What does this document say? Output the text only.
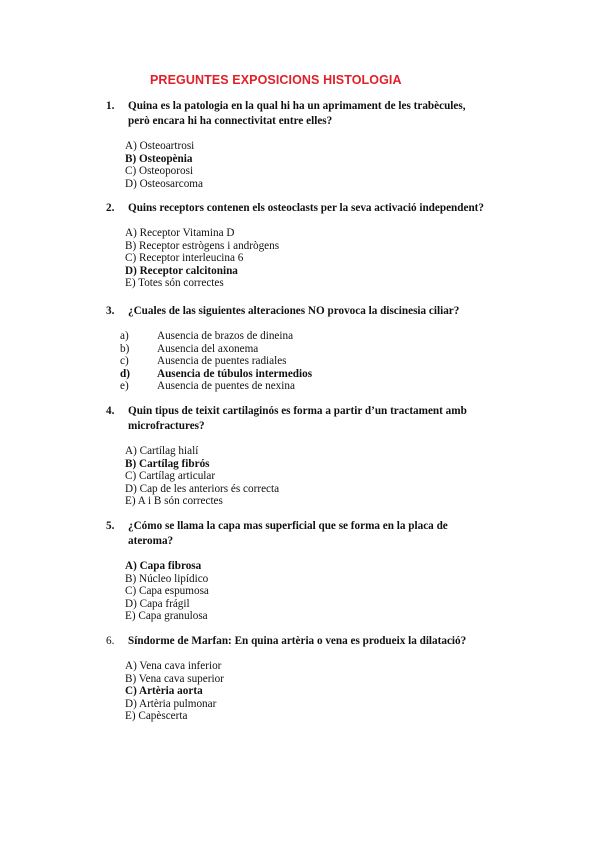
PREGUNTES EXPOSICIONS HISTOLOGIA
1.	Quina es la patologia en la qual hi ha un aprimament de les trabècules, però encara hi ha connectivitat entre elles?
A) Osteoartrosi
B) Osteopènia
C) Osteoporosi
D) Osteosarcoma
2.	Quins receptors contenen els osteoclasts per la seva activació independent?
A) Receptor Vitamina D
B) Receptor estrògens i andrògens
C) Receptor interleucina 6
D) Receptor calcitonina
E) Totes són correctes
3.	¿Cuales de las siguientes alteraciones NO provoca la discinesia ciliar?
a)	Ausencia de brazos de dineina
b)	Ausencia del axonema
c)	Ausencia de puentes radiales
d)	Ausencia de túbulos intermedios
e)	Ausencia de puentes de nexina
4.	Quin tipus de teixit cartilaginós es forma a partir d’un tractament amb microfractures?
A) Cartílag hialí
B) Cartílag fibrós
C) Cartílag articular
D) Cap de les anteriors és correcta
E) A i B són correctes
5.	¿Cómo se llama la capa mas superficial que se forma en la placa de ateroma?
A) Capa fibrosa
B) Núcleo lipídico
C) Capa espumosa
D) Capa frágil
E) Capa granulosa
6.	Síndorme de Marfan: En quina artèria o vena es produeix la dilatació?
A) Vena cava inferior
B) Vena cava superior
C) Artèria aorta
D) Artèria pulmonar
E) Capèscerta
